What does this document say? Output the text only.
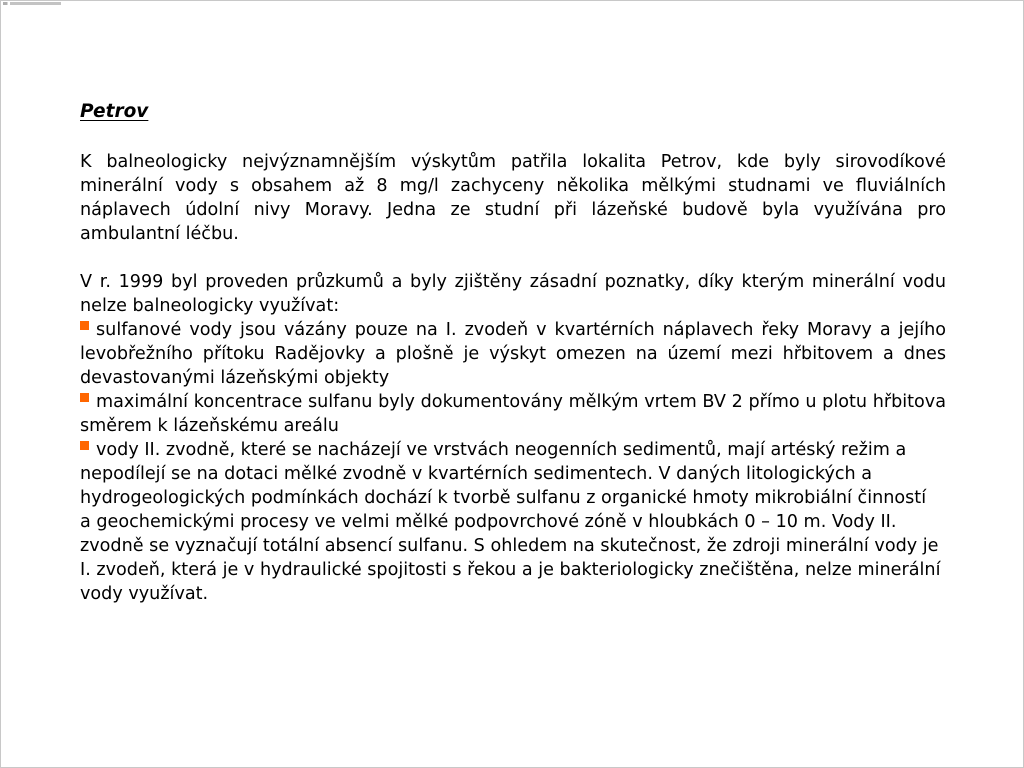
Petrov

K balneologicky nejvýznamnějším výskytům patřila lokalita Petrov, kde byly sirovodíkové minerální vody s obsahem až 8 mg/l zachyceny několika mělkými studnami ve fluviálních náplavech údolní nivy Moravy. Jedna ze studní při lázeňské budově byla využívána pro ambulantní léčbu.

V r. 1999 byl proveden průzkumů a byly zjištěny zásadní poznatky, díky kterým minerální vodu nelze balneologicky využívat:

sulfanové vody jsou vázány pouze na I. zvodeň v kvartérních náplavech řeky Moravy a jejího levobřežního přítoku Radějovky a plošně je výskyt omezen na území mezi hřbitovem a dnes devastovanými lázeňskými objekty

maximální koncentrace sulfanu byly dokumentovány mělkým vrtem BV 2 přímo u plotu hřbitova směrem k lázeňskému areálu

vody II. zvodně, které se nacházejí ve vrstvách neogenních sedimentů, mají artéský režim a nepodílejí se na dotaci mělké zvodně v kvartérních sedimentech. V daných litologických a hydrogeologických podmínkách dochází k tvorbě sulfanu z organické hmoty mikrobiální činností a geochemickými procesy ve velmi mělké podpovrchové zóně v hloubkách 0 – 10 m. Vody II. zvodně se vyznačují totální absencí sulfanu. S ohledem na skutečnost, že zdroji minerální vody je I. zvodeň, která je v hydraulické spojitosti s řekou a je bakteriologicky znečištěna, nelze minerální vody využívat.
